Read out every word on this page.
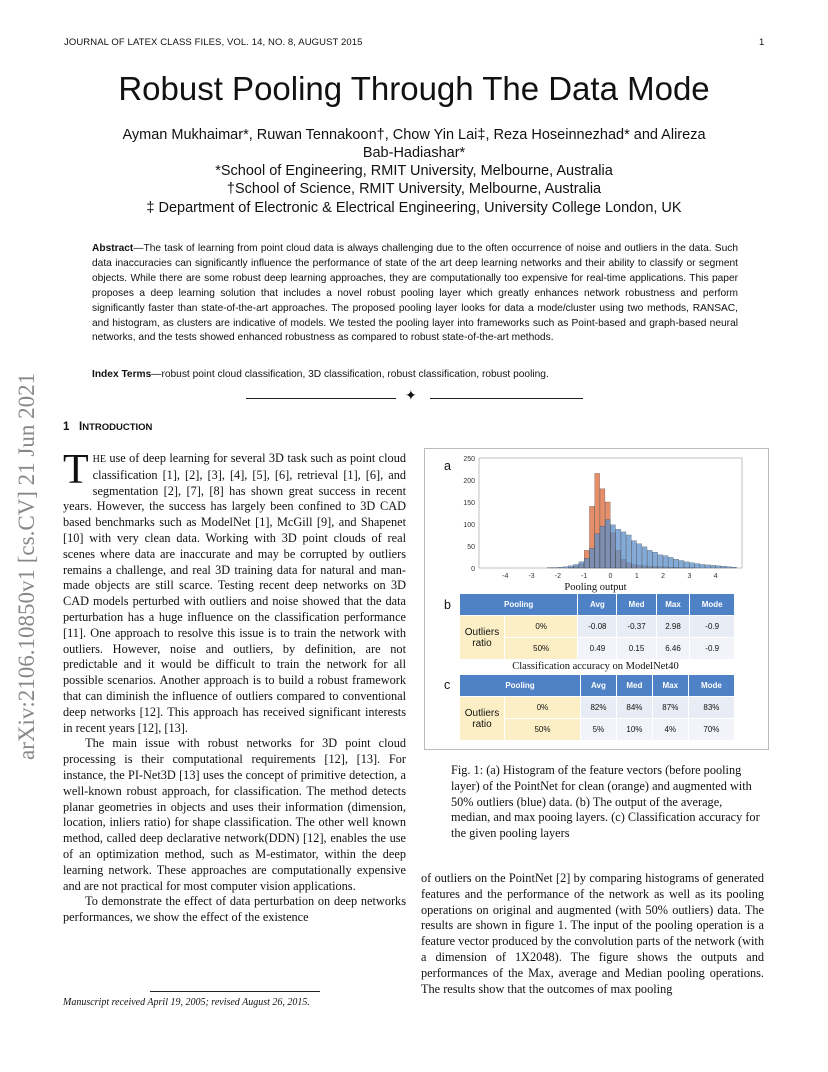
JOURNAL OF LATEX CLASS FILES, VOL. 14, NO. 8, AUGUST 2015	1
Robust Pooling Through The Data Mode
Ayman Mukhaimar*, Ruwan Tennakoon†, Chow Yin Lai‡, Reza Hoseinnezhad* and Alireza
Bab-Hadiashar*
*School of Engineering, RMIT University, Melbourne, Australia
†School of Science, RMIT University, Melbourne, Australia
‡ Department of Electronic & Electrical Engineering, University College London, UK
Abstract—The task of learning from point cloud data is always challenging due to the often occurrence of noise and outliers in the data. Such data inaccuracies can significantly influence the performance of state of the art deep learning networks and their ability to classify or segment objects. While there are some robust deep learning approaches, they are computationally too expensive for real-time applications. This paper proposes a deep learning solution that includes a novel robust pooling layer which greatly enhances network robustness and perform significantly faster than state-of-the-art approaches. The proposed pooling layer looks for data a mode/cluster using two methods, RANSAC, and histogram, as clusters are indicative of models. We tested the pooling layer into frameworks such as Point-based and graph-based neural networks, and the tests showed enhanced robustness as compared to robust state-of-the-art methods.
Index Terms—robust point cloud classification, 3D classification, robust classification, robust pooling.
✦
1 INTRODUCTION
arXiv:2106.10850v1 [cs.CV] 21 Jun 2021 THE use of deep learning for several 3D task such as point cloud classification [1], [2], [3], [4], [5], [6], retrieval [1], [6], and segmentation [2], [7], [8] has shown great success in recent years. However, the success has largely been confined to 3D CAD based benchmarks such as ModelNet [1], McGill [9], and Shapenet [10] with very clean data. Working with 3D point clouds of real scenes where data are inaccurate and may be corrupted by outliers remains a challenge, and real 3D training data for natural and man-made objects are still scarce. Testing recent deep networks on 3D CAD models perturbed with outliers and noise showed that the data perturbation has a huge influence on the classification performance [11]. One approach to resolve this issue is to train the network with outliers. However, noise and outliers, by definition, are not predictable and it would be difficult to train the network for all possible scenarios. Another approach is to build a robust framework that can diminish the influence of outliers compared to conventional deep networks [12]. This approach has received significant interests in recent years [12], [13].

The main issue with robust networks for 3D point cloud processing is their computational requirements [12], [13]. For instance, the PI-Net3D [13] uses the concept of primitive detection, a well-known robust approach, for classification. The method detects planar geometries in objects and uses their information (dimension, location, inliers ratio) for shape classification. The other well known method, called deep declarative network(DDN) [12], enables the use of an optimization method, such as M-estimator, within the deep learning network. These approaches are computationally expensive and are not practical for most computer vision applications.

To demonstrate the effect of data perturbation on deep networks performances, we show the effect of the existence

Manuscript received April 19, 2005; revised August 26, 2015.
a
b
c
0
50
100
150
200
250
-4	-3	-2	-1	0	1	2	3	4
Pooling output
Pooling		Avg	Med	Max	Mode
Outliers ratio	0%	-0.08	-0.37	2.98	-0.9
	50%	0.49	0.15	6.46	-0.9
Classification accuracy on ModelNet40
Pooling		Avg	Med	Max	Mode
Outliers ratio	0%	82%	84%	87%	83%
	50%	5%	10%	4%	70%
Fig. 1: (a) Histogram of the feature vectors (before pooling layer) of the PointNet for clean (orange) and augmented with 50% outliers (blue) data. (b) The output of the average, median, and max pooing layers. (c) Classification accuracy for the given pooling layers
of outliers on the PointNet [2] by comparing histograms of generated features and the performance of the network as well as its pooling operations on original and augmented (with 50% outliers) data. The results are shown in figure 1. The input of the pooling operation is a feature vector produced by the convolution parts of the network (with a dimension of 1X2048). The figure shows the outputs and performances of the Max, average and Median pooling operations. The results show that the outcomes of max pooling
